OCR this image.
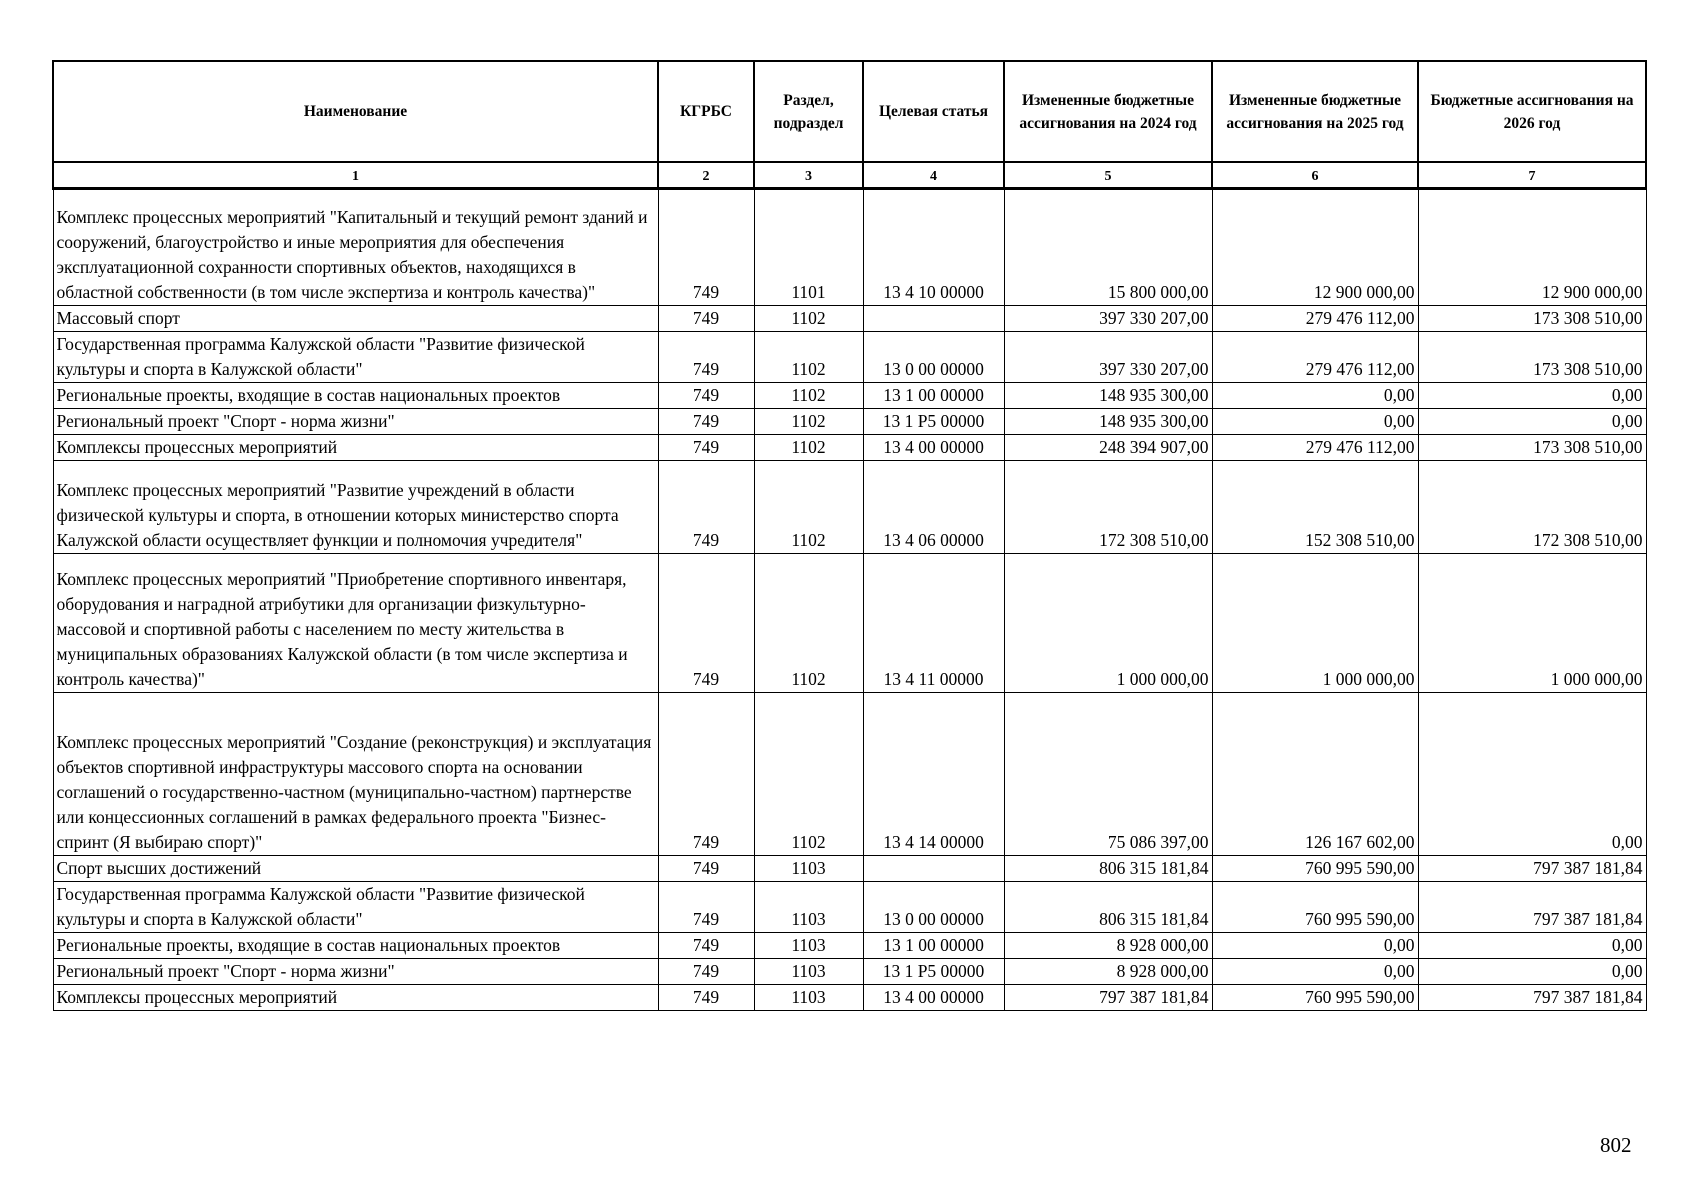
Наименование	КГРБС	Раздел, подраздел	Целевая статья	Измененные бюджетные ассигнования на 2024 год	Измененные бюджетные ассигнования на 2025 год	Бюджетные ассигнования на 2026 год
1	2	3	4	5	6	7
Комплекс процессных мероприятий "Капитальный и текущий ремонт зданий и сооружений, благоустройство и иные мероприятия для обеспечения эксплуатационной сохранности спортивных объектов, находящихся в областной собственности (в том числе экспертиза и контроль качества)"	749	1101	13 4 10 00000	15 800 000,00	12 900 000,00	12 900 000,00
Массовый спорт	749	1102		397 330 207,00	279 476 112,00	173 308 510,00
Государственная программа Калужской области "Развитие физической культуры и спорта в Калужской области"	749	1102	13 0 00 00000	397 330 207,00	279 476 112,00	173 308 510,00
Региональные проекты, входящие в состав национальных проектов	749	1102	13 1 00 00000	148 935 300,00	0,00	0,00
Региональный проект "Спорт - норма жизни"	749	1102	13 1 P5 00000	148 935 300,00	0,00	0,00
Комплексы процессных мероприятий	749	1102	13 4 00 00000	248 394 907,00	279 476 112,00	173 308 510,00
Комплекс процессных мероприятий "Развитие учреждений в области физической культуры и спорта, в отношении которых министерство спорта Калужской области осуществляет функции и полномочия учредителя"	749	1102	13 4 06 00000	172 308 510,00	152 308 510,00	172 308 510,00
Комплекс процессных мероприятий "Приобретение спортивного инвентаря, оборудования и наградной атрибутики для организации физкультурно-массовой и спортивной работы с населением по месту жительства в муниципальных образованиях Калужской области (в том числе экспертиза и контроль качества)"	749	1102	13 4 11 00000	1 000 000,00	1 000 000,00	1 000 000,00
Комплекс процессных мероприятий "Создание (реконструкция) и эксплуатация объектов спортивной инфраструктуры массового спорта на основании соглашений о государственно-частном (муниципально-частном) партнерстве или концессионных соглашений в рамках федерального проекта "Бизнес-спринт (Я выбираю спорт)"	749	1102	13 4 14 00000	75 086 397,00	126 167 602,00	0,00
Спорт высших достижений	749	1103		806 315 181,84	760 995 590,00	797 387 181,84
Государственная программа Калужской области "Развитие физической культуры и спорта в Калужской области"	749	1103	13 0 00 00000	806 315 181,84	760 995 590,00	797 387 181,84
Региональные проекты, входящие в состав национальных проектов	749	1103	13 1 00 00000	8 928 000,00	0,00	0,00
Региональный проект "Спорт - норма жизни"	749	1103	13 1 P5 00000	8 928 000,00	0,00	0,00
Комплексы процессных мероприятий	749	1103	13 4 00 00000	797 387 181,84	760 995 590,00	797 387 181,84
802
